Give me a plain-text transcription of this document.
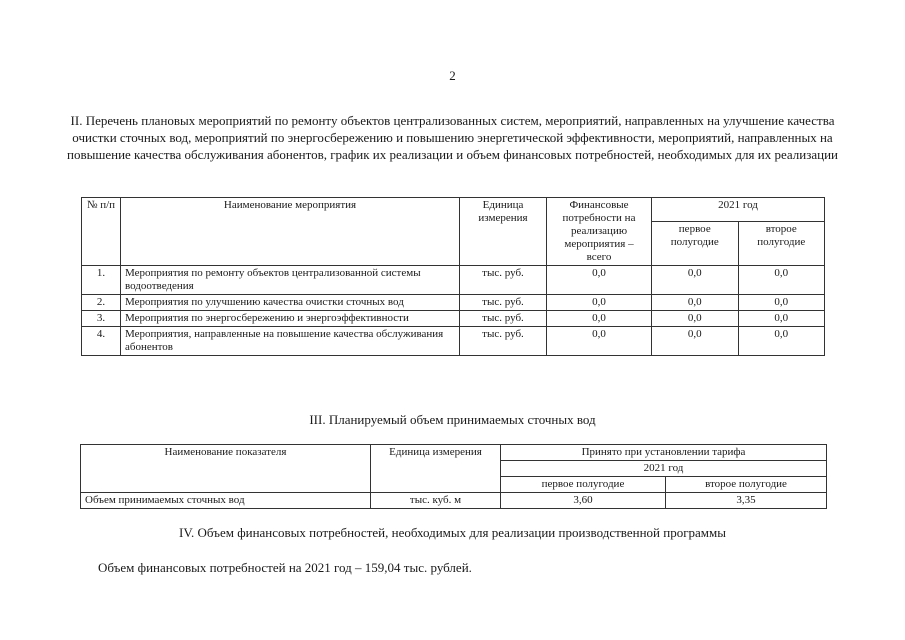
2
II. Перечень плановых мероприятий по ремонту объектов централизованных систем, мероприятий, направленных на улучшение качества очистки сточных вод, мероприятий по энергосбережению и повышению энергетической эффективности, мероприятий, направленных на повышение качества обслуживания абонентов, график их реализации и объем финансовых потребностей, необходимых для их реализации
№ п/п	Наименование мероприятия	Единица измерения	Финансовые потребности на реализацию мероприятия – всего	2021 год	
				первое полугодие	второе полугодие
1.	Мероприятия по ремонту объектов централизованной системы водоотведения	тыс. руб.	0,0	0,0	0,0
2.	Мероприятия по улучшению качества очистки сточных вод	тыс. руб.	0,0	0,0	0,0
3.	Мероприятия по энергосбережению и энергоэффективности	тыс. руб.	0,0	0,0	0,0
4.	Мероприятия, направленные на повышение качества обслуживания абонентов	тыс. руб.	0,0	0,0	0,0
III. Планируемый объем принимаемых сточных вод
Наименование показателя	Единица измерения	Принято при установлении тарифа	
		2021 год	
		первое полугодие	второе полугодие
Объем принимаемых сточных вод	тыс. куб. м	3,60	3,35
IV. Объем финансовых потребностей, необходимых для реализации производственной программы
Объем финансовых потребностей на 2021 год – 159,04 тыс. рублей.
